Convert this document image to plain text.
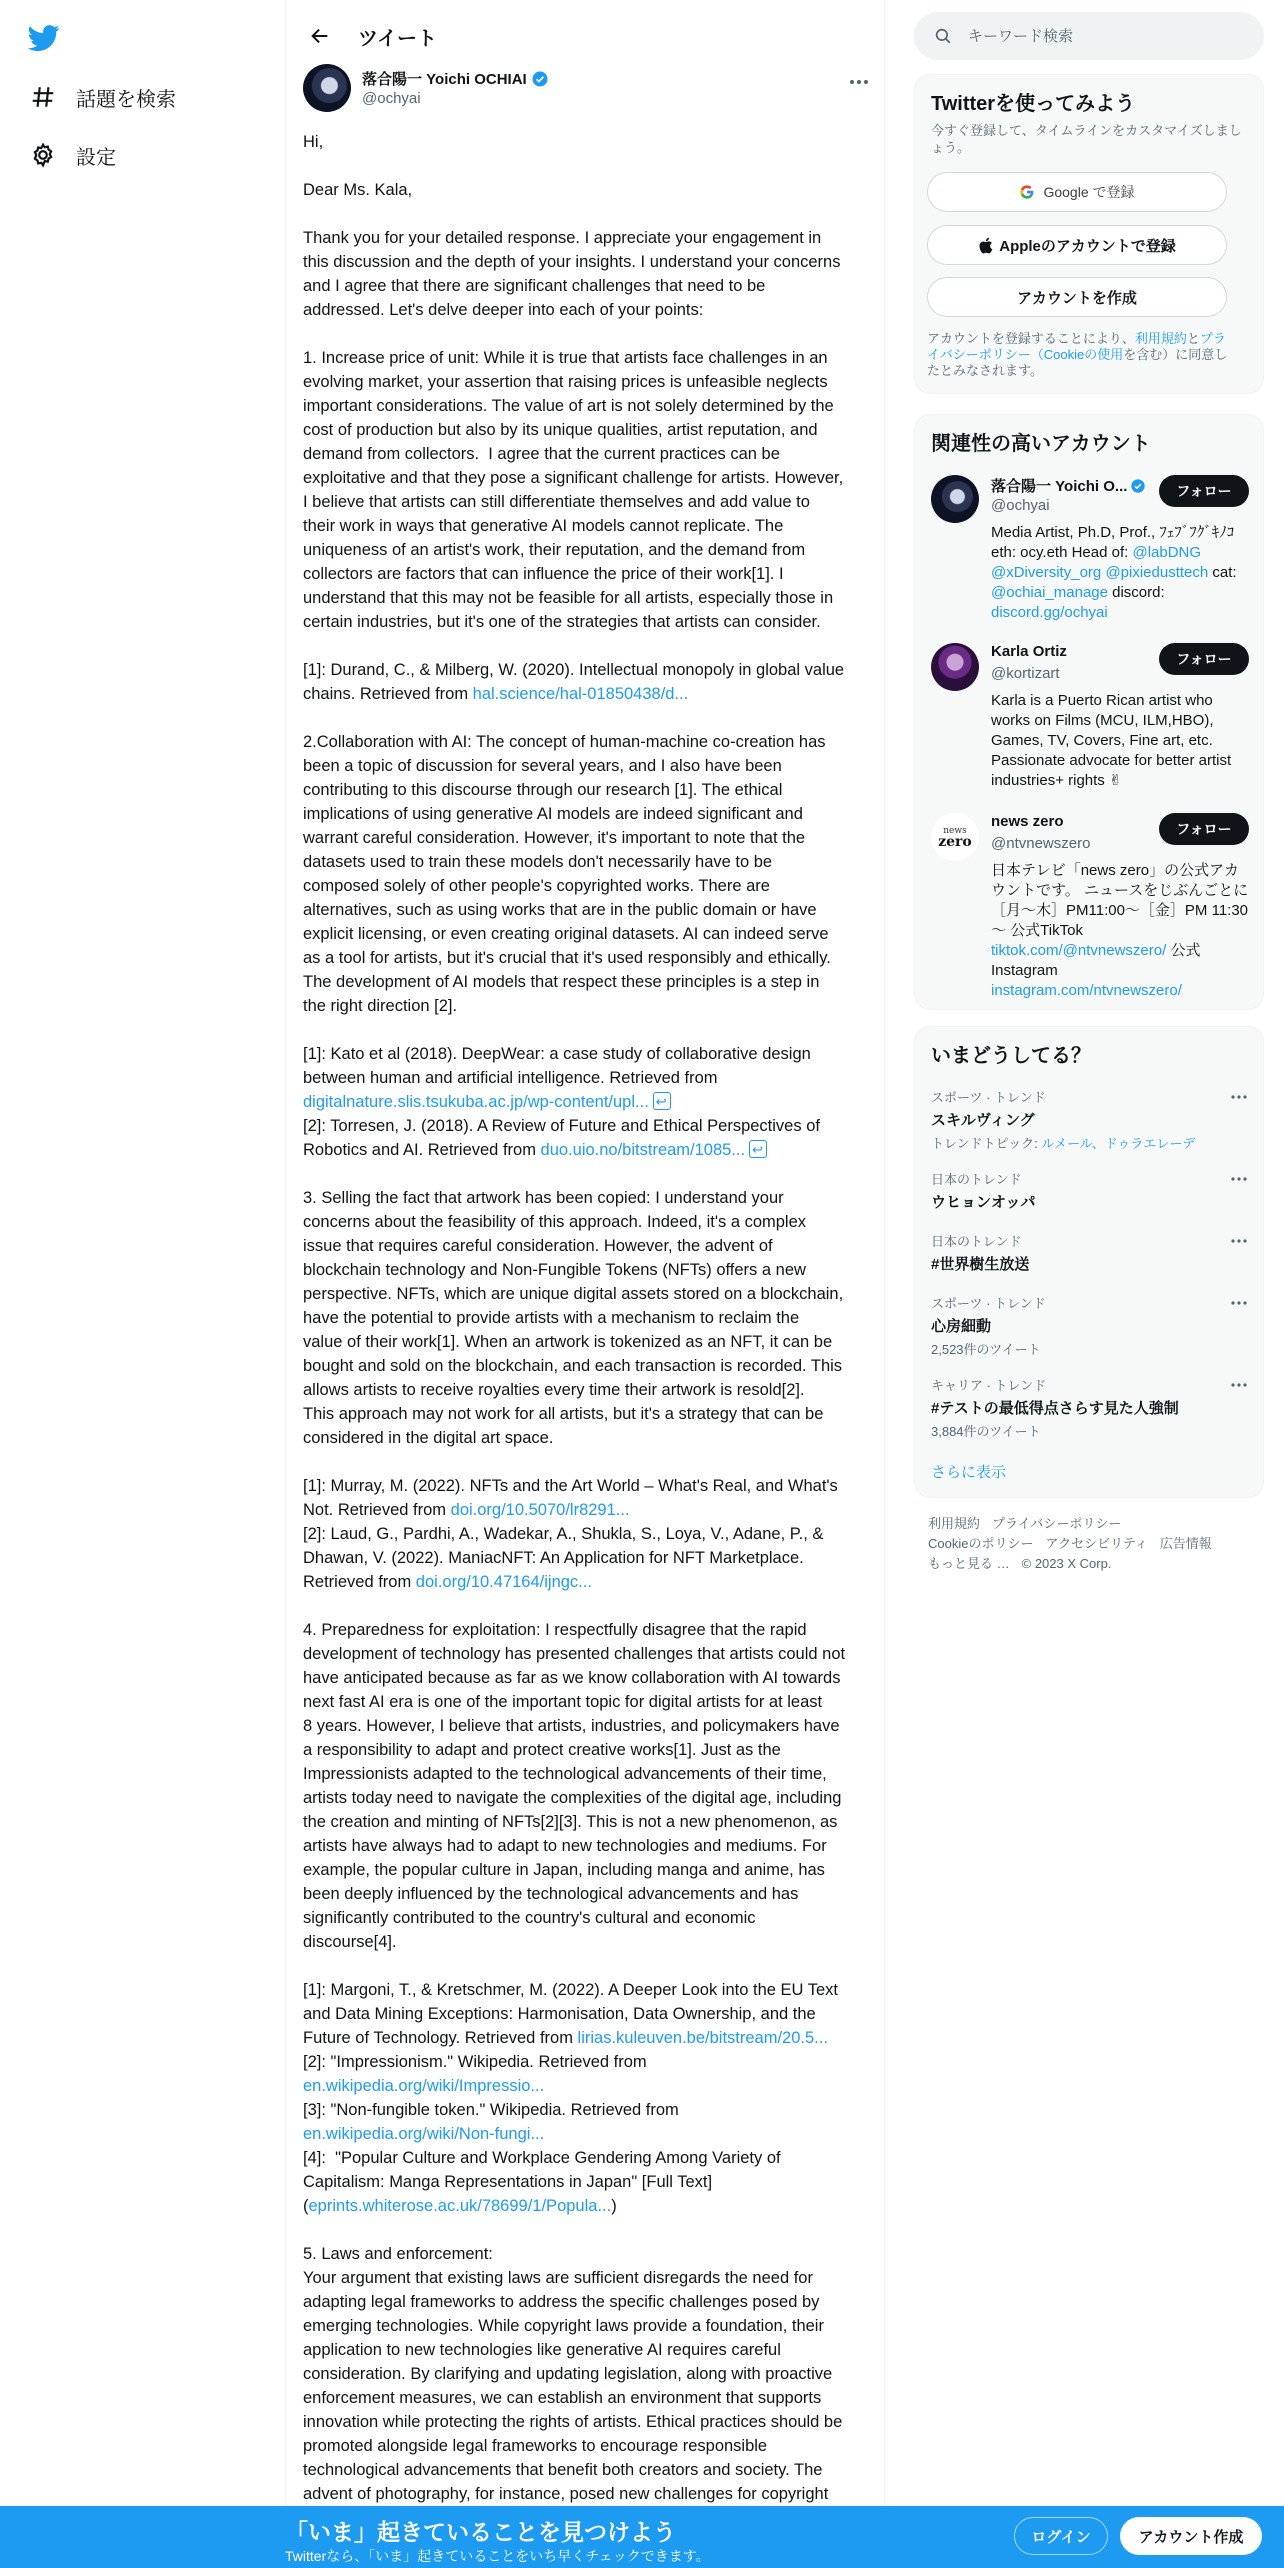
話題を検索
設定
ツイート
落合陽一 Yoichi OCHIAI
@ochyai

Hi,

Dear Ms. Kala,

Thank you for your detailed response. I appreciate your engagement in

this discussion and the depth of your insights. I understand your concerns

and I agree that there are significant challenges that need to be

addressed. Let's delve deeper into each of your points:

1. Increase price of unit: While it is true that artists face challenges in an

evolving market, your assertion that raising prices is unfeasible neglects

important considerations. The value of art is not solely determined by the

cost of production but also by its unique qualities, artist reputation, and

demand from collectors.  I agree that the current practices can be

exploitative and that they pose a significant challenge for artists. However,

I believe that artists can still differentiate themselves and add value to

their work in ways that generative AI models cannot replicate. The

uniqueness of an artist's work, their reputation, and the demand from

collectors are factors that can influence the price of their work[1]. I

understand that this may not be feasible for all artists, especially those in

certain industries, but it's one of the strategies that artists can consider.

[1]: Durand, C., & Milberg, W. (2020). Intellectual monopoly in global value

chains. Retrieved from hal.science/hal-01850438/d...

2.Collaboration with AI: The concept of human-machine co-creation has

been a topic of discussion for several years, and I also have been

contributing to this discourse through our research [1]. The ethical

implications of using generative AI models are indeed significant and

warrant careful consideration. However, it's important to note that the

datasets used to train these models don't necessarily have to be

composed solely of other people's copyrighted works. There are

alternatives, such as using works that are in the public domain or have

explicit licensing, or even creating original datasets. AI can indeed serve

as a tool for artists, but it's crucial that it's used responsibly and ethically.

The development of AI models that respect these principles is a step in

the right direction [2].

[1]: Kato et al (2018). DeepWear: a case study of collaborative design

between human and artificial intelligence. Retrieved from

digitalnature.slis.tsukuba.ac.jp/wp-content/upl... ↩

[2]: Torresen, J. (2018). A Review of Future and Ethical Perspectives of

Robotics and AI. Retrieved from duo.uio.no/bitstream/1085... ↩

3. Selling the fact that artwork has been copied: I understand your

concerns about the feasibility of this approach. Indeed, it's a complex

issue that requires careful consideration. However, the advent of

blockchain technology and Non-Fungible Tokens (NFTs) offers a new

perspective. NFTs, which are unique digital assets stored on a blockchain,

have the potential to provide artists with a mechanism to reclaim the

value of their work[1]. When an artwork is tokenized as an NFT, it can be

bought and sold on the blockchain, and each transaction is recorded. This

allows artists to receive royalties every time their artwork is resold[2].

This approach may not work for all artists, but it's a strategy that can be

considered in the digital art space.

[1]: Murray, M. (2022). NFTs and the Art World – What's Real, and What's

Not. Retrieved from doi.org/10.5070/lr8291...

[2]: Laud, G., Pardhi, A., Wadekar, A., Shukla, S., Loya, V., Adane, P., &

Dhawan, V. (2022). ManiacNFT: An Application for NFT Marketplace.

Retrieved from doi.org/10.47164/ijngc...

4. Preparedness for exploitation: I respectfully disagree that the rapid

development of technology has presented challenges that artists could not

have anticipated because as far as we know collaboration with AI towards

next fast AI era is one of the important topic for digital artists for at least

8 years. However, I believe that artists, industries, and policymakers have

a responsibility to adapt and protect creative works[1]. Just as the

Impressionists adapted to the technological advancements of their time,

artists today need to navigate the complexities of the digital age, including

the creation and minting of NFTs[2][3]. This is not a new phenomenon, as

artists have always had to adapt to new technologies and mediums. For

example, the popular culture in Japan, including manga and anime, has

been deeply influenced by the technological advancements and has

significantly contributed to the country's cultural and economic

discourse[4].

[1]: Margoni, T., & Kretschmer, M. (2022). A Deeper Look into the EU Text

and Data Mining Exceptions: Harmonisation, Data Ownership, and the

Future of Technology. Retrieved from lirias.kuleuven.be/bitstream/20.5...

[2]: "Impressionism." Wikipedia. Retrieved from

en.wikipedia.org/wiki/Impressio...

[3]: "Non-fungible token." Wikipedia. Retrieved from

en.wikipedia.org/wiki/Non-fungi...

[4]:  "Popular Culture and Workplace Gendering Among Variety of

Capitalism: Manga Representations in Japan" [Full Text]

(eprints.whiterose.ac.uk/78699/1/Popula...)

5. Laws and enforcement:

Your argument that existing laws are sufficient disregards the need for

adapting legal frameworks to address the specific challenges posed by

emerging technologies. While copyright laws provide a foundation, their

application to new technologies like generative AI requires careful

consideration. By clarifying and updating legislation, along with proactive

enforcement measures, we can establish an environment that supports

innovation while protecting the rights of artists. Ethical practices should be

promoted alongside legal frameworks to encourage responsible

technological advancements that benefit both creators and society. The

advent of photography, for instance, posed new challenges for copyright

キーワード検索
Twitterを使ってみよう
今すぐ登録して、タイムラインをカスタマイズしましょう。
Google で登録
Appleのアカウントで登録
アカウントを作成
アカウントを登録することにより、利用規約とプライバシーポリシー（Cookieの使用を含む）に同意したとみなされます。
関連性の高いアカウント
落合陽一 Yoichi O...
@ochyai
フォロー
Media Artist, Ph.D, Prof., ﾌｪﾌﾞﾌｸﾞｷﾉｺ eth: ocy.eth Head of: @labDNG @xDiversity_org @pixiedusttech cat: @ochiai_manage discord: discord.gg/ochyai
Karla Ortiz
@kortizart
フォロー
Karla is a Puerto Rican artist who works on Films (MCU, ILM,HBO), Games, TV, Covers, Fine art, etc. Passionate advocate for better artist industries+ rights ✌
news
zero
news zero
@ntvnewszero
フォロー
日本テレビ「news zero」の公式アカウントです。 ニュースをじぶんごとに［月～木］PM11:00～［金］PM 11:30～ 公式TikTok tiktok.com/@ntvnewszero/ 公式Instagram instagram.com/ntvnewszero/
いまどうしてる？
スポーツ · トレンド
スキルヴィング
トレンドトピック: ルメール、ドゥラエレーデ
日本のトレンド
ウヒョンオッパ
日本のトレンド
#世界樹生放送
スポーツ · トレンド
心房細動
2,523件のツイート
キャリア · トレンド
#テストの最低得点さらす見た人強制
3,884件のツイート
さらに表示
利用規約 プライバシーポリシー
Cookieのポリシー アクセシビリティ 広告情報
もっと見る … © 2023 X Corp.
「いま」起きていることを見つけよう
Twitterなら、「いま」起きていることをいち早くチェックできます。
ログイン	アカウント作成
